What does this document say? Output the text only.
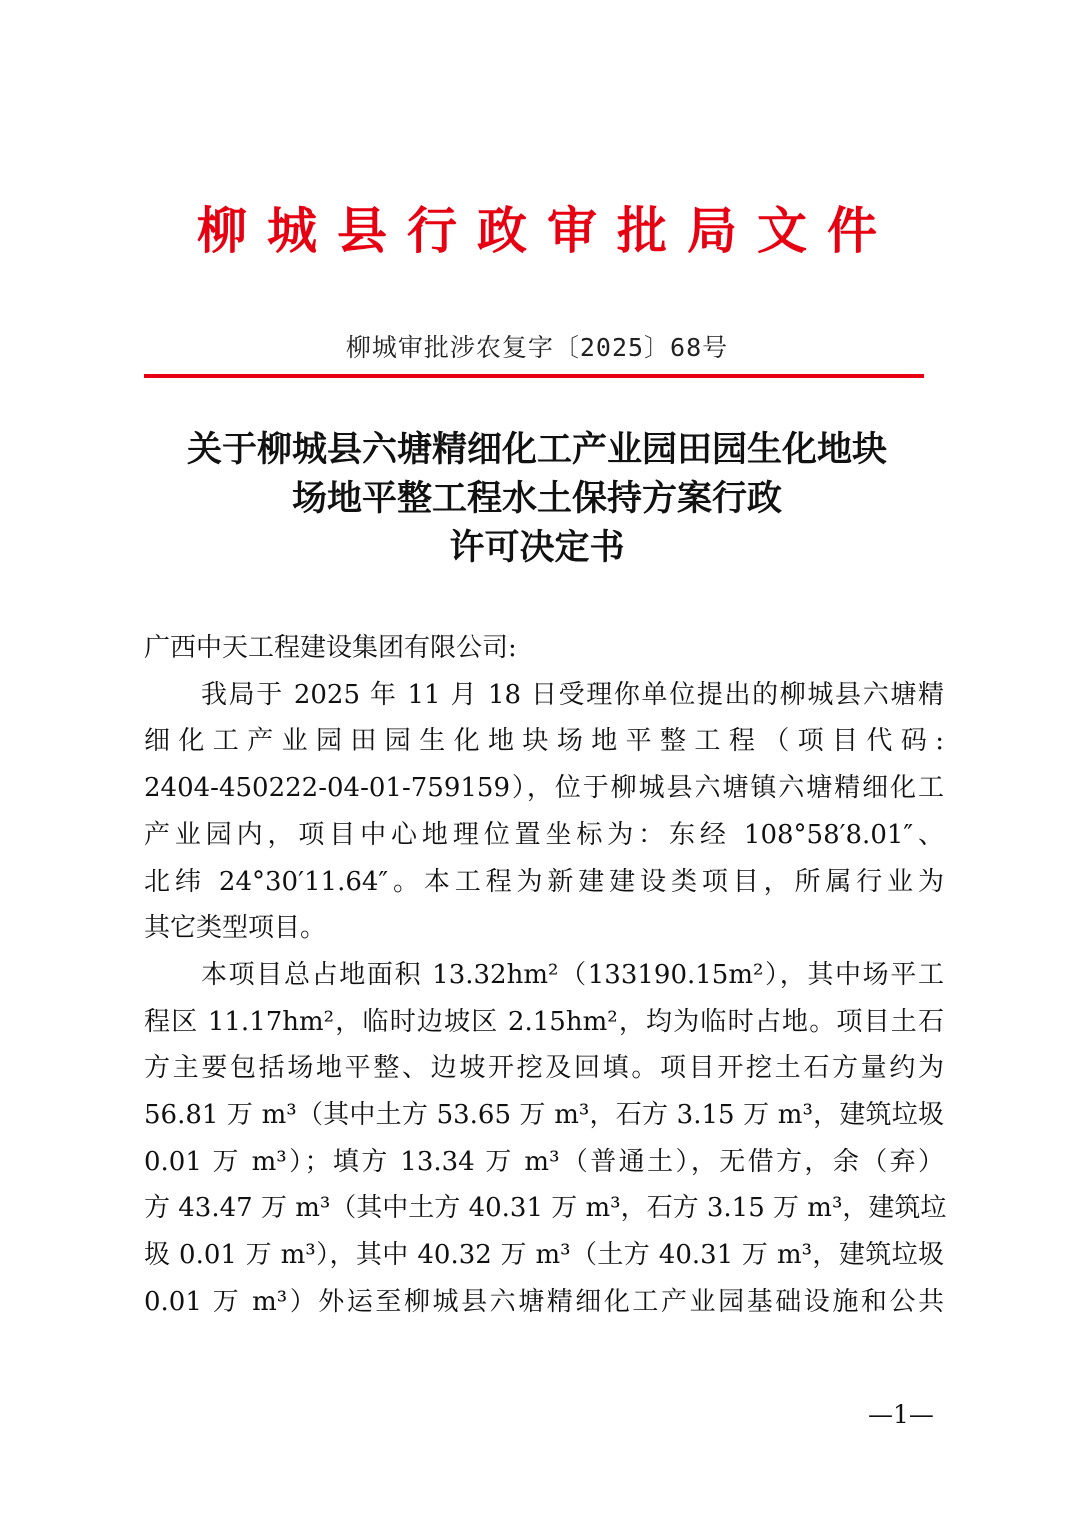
柳 城 县 行 政 审 批 局 文 件
柳城审批涉农复字〔2025〕68号
关于柳城县六塘精细化工产业园田园生化地块
场地平整工程水土保持方案行政
许可决定书
广西中天工程建设集团有限公司:
我局于 2025 年 11 月 18 日受理你单位提出的柳城县六塘精
细化工产业园田园生化地块场地平整工程（项目代码:
2404-450222-04-01-759159），位于柳城县六塘镇六塘精细化工
产业园内，项目中心地理位置坐标为：东经 108°58′8.01″、
北纬 24°30′11.64″。本工程为新建建设类项目，所属行业为
其它类型项目。
本项目总占地面积 13.32hm²（133190.15m²），其中场平工
程区 11.17hm²，临时边坡区 2.15hm²，均为临时占地。项目土石
方主要包括场地平整、边坡开挖及回填。项目开挖土石方量约为
56.81 万 m³（其中土方 53.65 万 m³，石方 3.15 万 m³，建筑垃圾
0.01 万 m³）；填方 13.34 万 m³（普通土），无借方，余（弃）
方 43.47 万 m³（其中土方 40.31 万 m³，石方 3.15 万 m³，建筑垃
圾 0.01 万 m³），其中 40.32 万 m³（土方 40.31 万 m³，建筑垃圾
0.01 万 m³）外运至柳城县六塘精细化工产业园基础设施和公共
—1—
